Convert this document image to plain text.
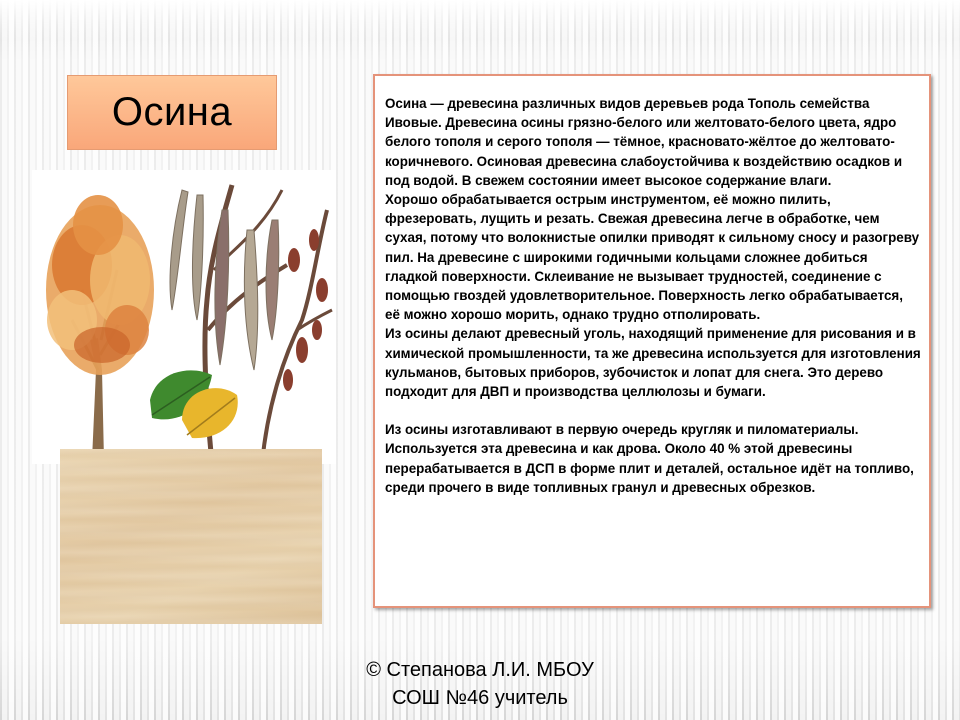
Осина	Осина — древесина различных видов деревьев рода Тополь семейства Ивовые. Древесина осины грязно-белого или желтовато-белого цвета, ядро белого тополя и серого тополя — тёмное, красновато-жёлтое до желтовато-коричневого. Осиновая древесина слабоустойчива к воздействию осадков и под водой. В свежем состоянии имеет высокое содержание влаги.

Хорошо обрабатывается острым инструментом, её можно пилить, фрезеровать, лущить и резать. Свежая древесина легче в обработке, чем сухая, потому что волокнистые опилки приводят к сильному сносу и разогреву пил. На древесине с широкими годичными кольцами сложнее добиться гладкой поверхности. Склеивание не вызывает трудностей, соединение с помощью гвоздей удовлетворительное. Поверхность легко обрабатывается, её можно хорошо морить, однако трудно отполировать.

Из осины делают древесный уголь, находящий применение для рисования и в химической промышленности, та же древесина используется для изготовления кульманов, бытовых приборов, зубочисток и лопат для снега. Это дерево подходит для ДВП и производства целлюлозы и бумаги.

Из осины изготавливают в первую очередь кругляк и пиломатериалы. Используется эта древесина и как дрова. Около 40 % этой древесины перерабатывается в ДСП в форме плит и деталей, остальное идёт на топливо, среди прочего в виде топливных гранул и древесных обрезков.

© Степанова Л.И. МБОУ
СОШ №46 учитель
